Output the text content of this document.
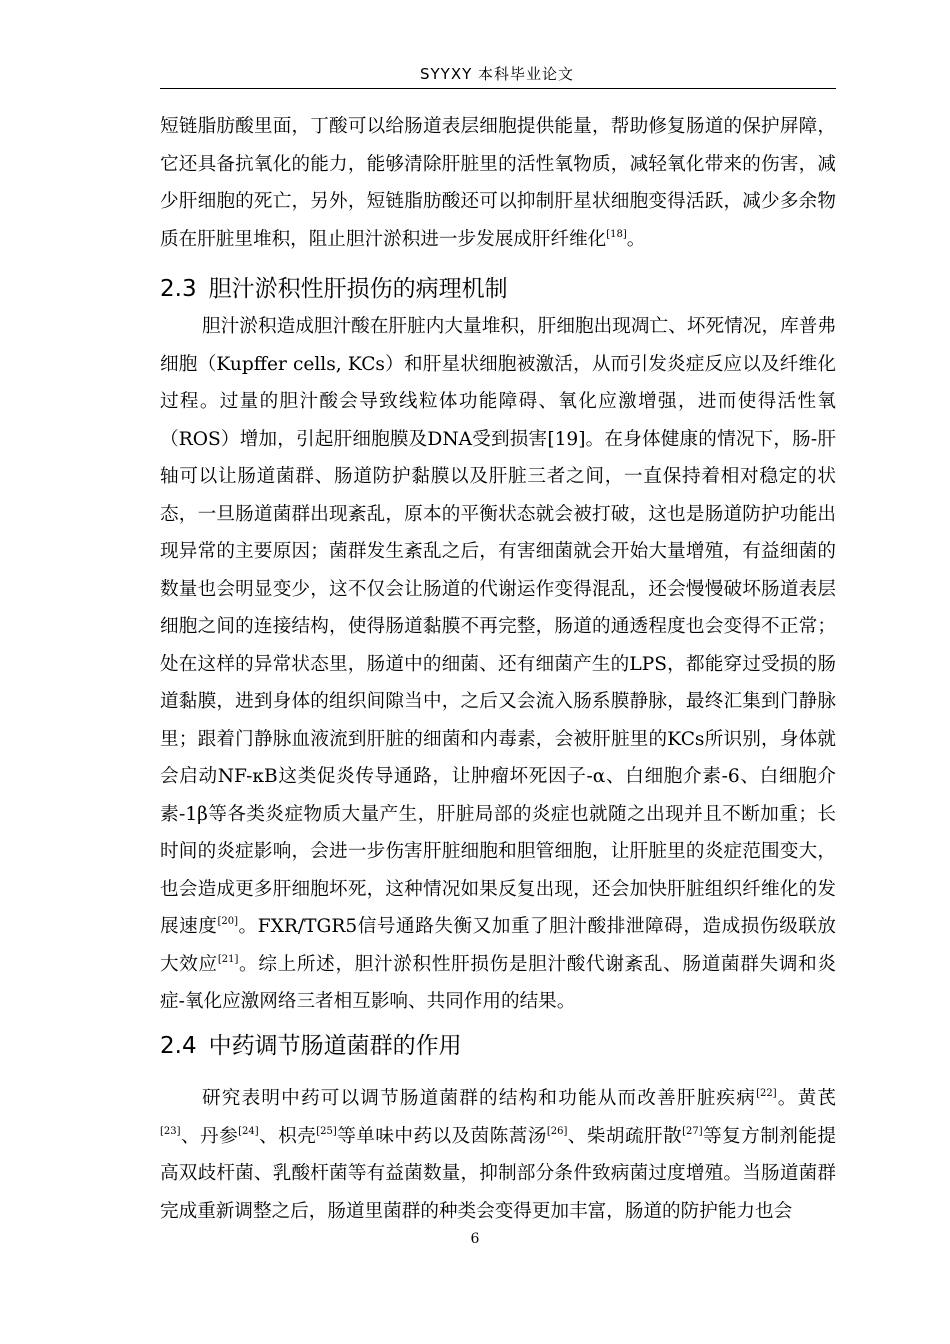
SYYXY 本科毕业论文

短链脂肪酸里面，丁酸可以给肠道表层细胞提供能量，帮助修复肠道的保护屏障，它还具备抗氧化的能力，能够清除肝脏里的活性氧物质，减轻氧化带来的伤害，减少肝细胞的死亡，另外，短链脂肪酸还可以抑制肝星状细胞变得活跃，减少多余物质在肝脏里堆积，阻止胆汁淤积进一步发展成肝纤维化[18]。

2.3 胆汁淤积性肝损伤的病理机制

胆汁淤积造成胆汁酸在肝脏内大量堆积，肝细胞出现凋亡、坏死情况，库普弗细胞（Kupffer cells, KCs）和肝星状细胞被激活，从而引发炎症反应以及纤维化过程。过量的胆汁酸会导致线粒体功能障碍、氧化应激增强，进而使得活性氧（ROS）增加，引起肝细胞膜及DNA受到损害[19]。在身体健康的情况下，肠-肝轴可以让肠道菌群、肠道防护黏膜以及肝脏三者之间，一直保持着相对稳定的状态，一旦肠道菌群出现紊乱，原本的平衡状态就会被打破，这也是肠道防护功能出现异常的主要原因；菌群发生紊乱之后，有害细菌就会开始大量增殖，有益细菌的数量也会明显变少，这不仅会让肠道的代谢运作变得混乱，还会慢慢破坏肠道表层细胞之间的连接结构，使得肠道黏膜不再完整，肠道的通透程度也会变得不正常；处在这样的异常状态里，肠道中的细菌、还有细菌产生的LPS，都能穿过受损的肠道黏膜，进到身体的组织间隙当中，之后又会流入肠系膜静脉，最终汇集到门静脉里；跟着门静脉血液流到肝脏的细菌和内毒素，会被肝脏里的KCs所识别，身体就会启动NF-κB这类促炎传导通路，让肿瘤坏死因子-α、白细胞介素-6、白细胞介素-1β等各类炎症物质大量产生，肝脏局部的炎症也就随之出现并且不断加重；长时间的炎症影响，会进一步伤害肝脏细胞和胆管细胞，让肝脏里的炎症范围变大，也会造成更多肝细胞坏死，这种情况如果反复出现，还会加快肝脏组织纤维化的发展速度[20]。FXR/TGR5信号通路失衡又加重了胆汁酸排泄障碍，造成损伤级联放大效应[21]。综上所述，胆汁淤积性肝损伤是胆汁酸代谢紊乱、肠道菌群失调和炎症-氧化应激网络三者相互影响、共同作用的结果。

2.4 中药调节肠道菌群的作用

研究表明中药可以调节肠道菌群的结构和功能从而改善肝脏疾病[22]。黄芪[23]、丹参[24]、枳壳[25]等单味中药以及茵陈蒿汤[26]、柴胡疏肝散[27]等复方制剂能提高双歧杆菌、乳酸杆菌等有益菌数量，抑制部分条件致病菌过度增殖。当肠道菌群完成重新调整之后，肠道里菌群的种类会变得更加丰富，肠道的防护能力也会

6
